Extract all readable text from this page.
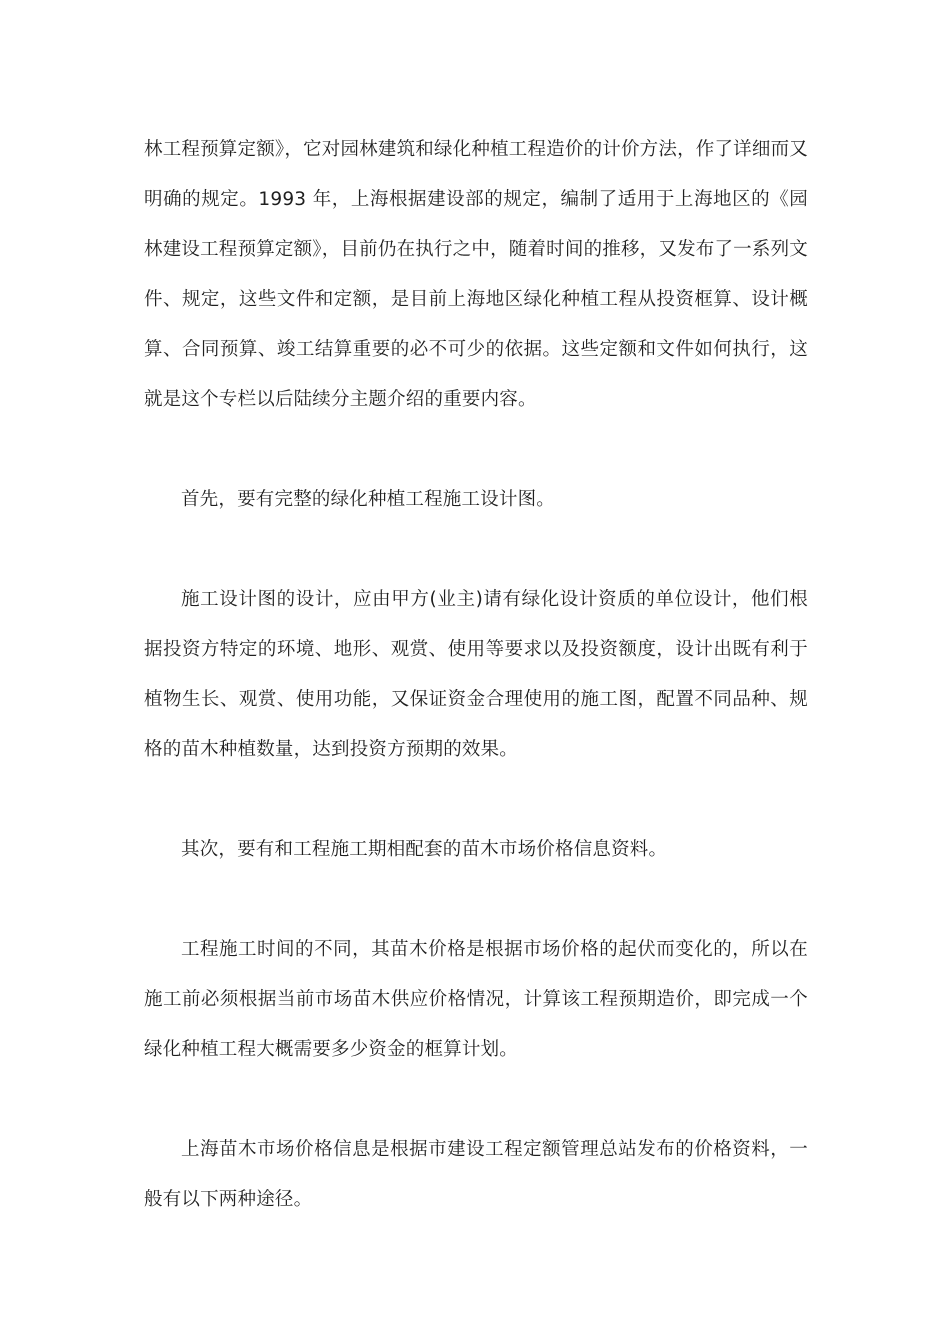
林工程预算定额》，它对园林建筑和绿化种植工程造价的计价方法，作了详细而又明确的规定。1993 年，上海根据建设部的规定，编制了适用于上海地区的《园林建设工程预算定额》，目前仍在执行之中，随着时间的推移，又发布了一系列文件、规定，这些文件和定额，是目前上海地区绿化种植工程从投资框算、设计概算、合同预算、竣工结算重要的必不可少的依据。这些定额和文件如何执行，这就是这个专栏以后陆续分主题介绍的重要内容。

首先，要有完整的绿化种植工程施工设计图。

施工设计图的设计，应由甲方(业主)请有绿化设计资质的单位设计，他们根据投资方特定的环境、地形、观赏、使用等要求以及投资额度，设计出既有利于植物生长、观赏、使用功能，又保证资金合理使用的施工图，配置不同品种、规格的苗木种植数量，达到投资方预期的效果。

其次，要有和工程施工期相配套的苗木市场价格信息资料。

工程施工时间的不同，其苗木价格是根据市场价格的起伏而变化的，所以在施工前必须根据当前市场苗木供应价格情况，计算该工程预期造价，即完成一个绿化种植工程大概需要多少资金的框算计划。

上海苗木市场价格信息是根据市建设工程定额管理总站发布的价格资料，一般有以下两种途径。
